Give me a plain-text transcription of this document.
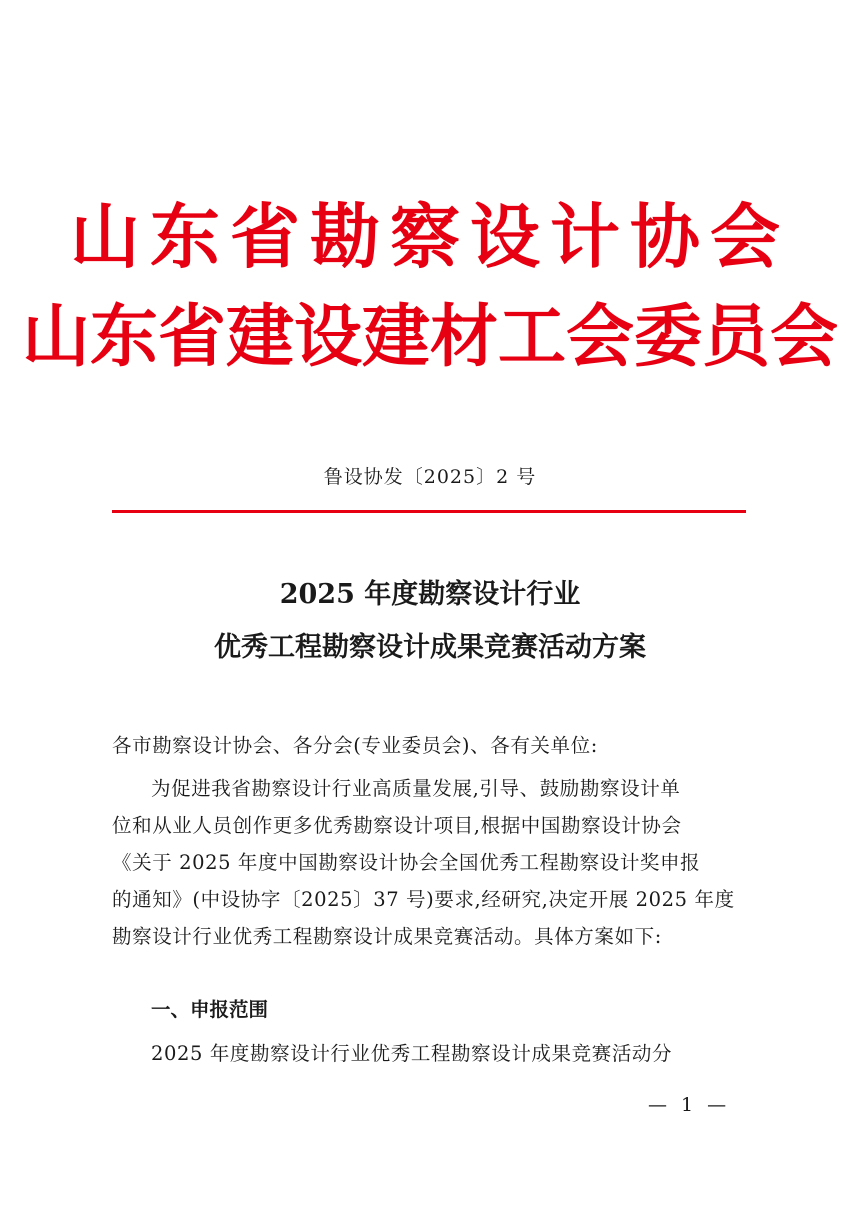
山东省勘察设计协会
山东省建设建材工会委员会
鲁设协发〔2025〕2 号
2025 年度勘察设计行业
优秀工程勘察设计成果竞赛活动方案
各市勘察设计协会、各分会(专业委员会)、各有关单位:
为促进我省勘察设计行业高质量发展,引导、鼓励勘察设计单
位和从业人员创作更多优秀勘察设计项目,根据中国勘察设计协会
《关于 2025 年度中国勘察设计协会全国优秀工程勘察设计奖申报
的通知》(中设协字〔2025〕37 号)要求,经研究,决定开展 2025 年度
勘察设计行业优秀工程勘察设计成果竞赛活动。具体方案如下:
一、申报范围
2025 年度勘察设计行业优秀工程勘察设计成果竞赛活动分
— 1 —
